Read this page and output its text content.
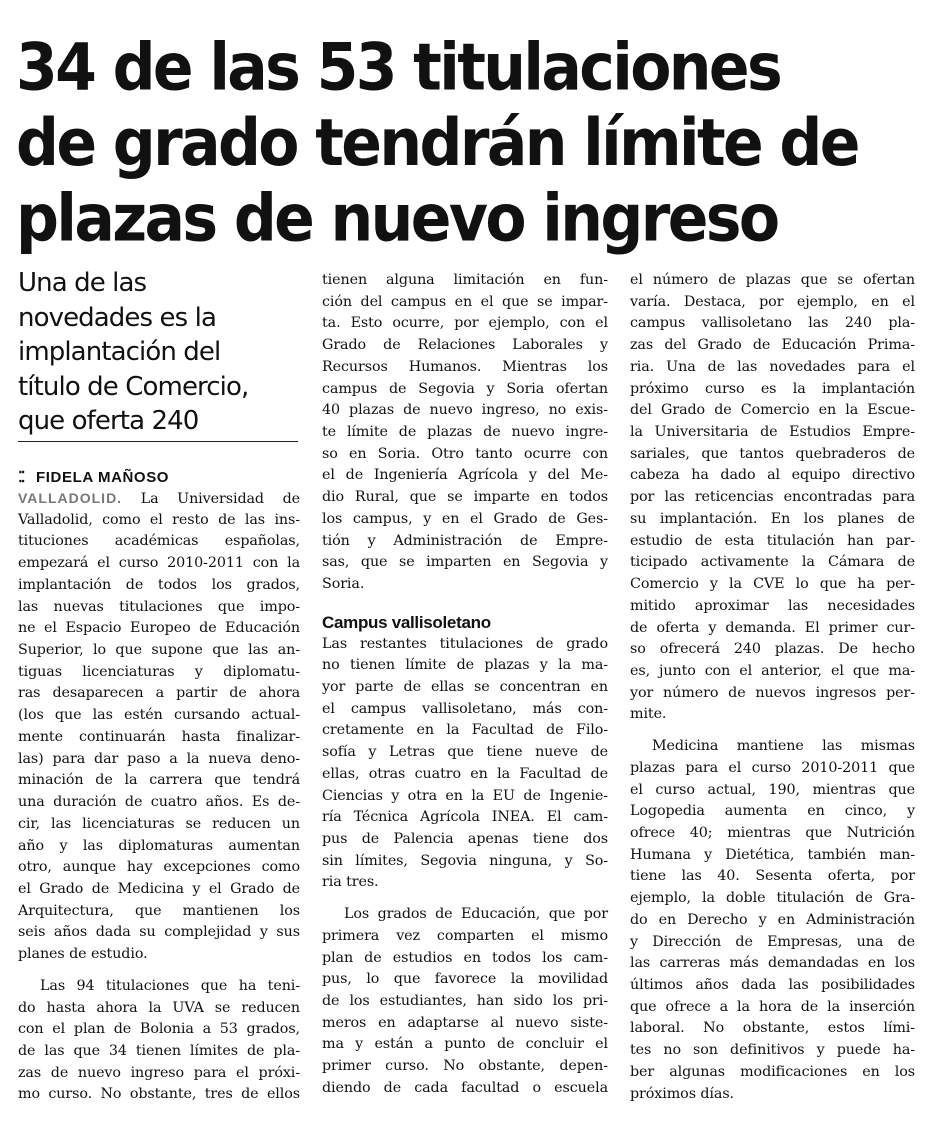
34 de las 53 titulaciones
de grado tendrán límite de
plazas de nuevo ingreso
Una de las
novedades es la
implantación del
título de Comercio,
que oferta 240
⁚⁚ FIDELA MAÑOSO
VALLADOLID. La Universidad de
Valladolid, como el resto de las ins-
tituciones académicas españolas,
empezará el curso 2010-2011 con la
implantación de todos los grados,
las nuevas titulaciones que impo-
ne el Espacio Europeo de Educación
Superior, lo que supone que las an-
tiguas licenciaturas y diplomatu-
ras desaparecen a partir de ahora
(los que las estén cursando actual-
mente continuarán hasta finalizar-
las) para dar paso a la nueva deno-
minación de la carrera que tendrá
una duración de cuatro años. Es de-
cir, las licenciaturas se reducen un
año y las diplomaturas aumentan
otro, aunque hay excepciones como
el Grado de Medicina y el Grado de
Arquitectura, que mantienen los
seis años dada su complejidad y sus
planes de estudio.
Las 94 titulaciones que ha teni-
do hasta ahora la UVA se reducen
con el plan de Bolonia a 53 grados,
de las que 34 tienen límites de pla-
zas de nuevo ingreso para el próxi-
mo curso. No obstante, tres de ellos
tienen alguna limitación en fun-
ción del campus en el que se impar-
ta. Esto ocurre, por ejemplo, con el
Grado de Relaciones Laborales y
Recursos Humanos. Mientras los
campus de Segovia y Soria ofertan
40 plazas de nuevo ingreso, no exis-
te límite de plazas de nuevo ingre-
so en Soria. Otro tanto ocurre con
el de Ingeniería Agrícola y del Me-
dio Rural, que se imparte en todos
los campus, y en el Grado de Ges-
tión y Administración de Empre-
sas, que se imparten en Segovia y
Soria.
Campus vallisoletano
Las restantes titulaciones de grado
no tienen límite de plazas y la ma-
yor parte de ellas se concentran en
el campus vallisoletano, más con-
cretamente en la Facultad de Filo-
sofía y Letras que tiene nueve de
ellas, otras cuatro en la Facultad de
Ciencias y otra en la EU de Ingenie-
ría Técnica Agrícola INEA. El cam-
pus de Palencia apenas tiene dos
sin límites, Segovia ninguna, y So-
ria tres.
Los grados de Educación, que por
primera vez comparten el mismo
plan de estudios en todos los cam-
pus, lo que favorece la movilidad
de los estudiantes, han sido los pri-
meros en adaptarse al nuevo siste-
ma y están a punto de concluir el
primer curso. No obstante, depen-
diendo de cada facultad o escuela
el número de plazas que se ofertan
varía. Destaca, por ejemplo, en el
campus vallisoletano las 240 pla-
zas del Grado de Educación Prima-
ria. Una de las novedades para el
próximo curso es la implantación
del Grado de Comercio en la Escue-
la Universitaria de Estudios Empre-
sariales, que tantos quebraderos de
cabeza ha dado al equipo directivo
por las reticencias encontradas para
su implantación. En los planes de
estudio de esta titulación han par-
ticipado activamente la Cámara de
Comercio y la CVE lo que ha per-
mitido aproximar las necesidades
de oferta y demanda. El primer cur-
so ofrecerá 240 plazas. De hecho
es, junto con el anterior, el que ma-
yor número de nuevos ingresos per-
mite.
Medicina mantiene las mismas
plazas para el curso 2010-2011 que
el curso actual, 190, mientras que
Logopedia aumenta en cinco, y
ofrece 40; mientras que Nutrición
Humana y Dietética, también man-
tiene las 40. Sesenta oferta, por
ejemplo, la doble titulación de Gra-
do en Derecho y en Administración
y Dirección de Empresas, una de
las carreras más demandadas en los
últimos años dada las posibilidades
que ofrece a la hora de la inserción
laboral. No obstante, estos lími-
tes no son definitivos y puede ha-
ber algunas modificaciones en los
próximos días.
